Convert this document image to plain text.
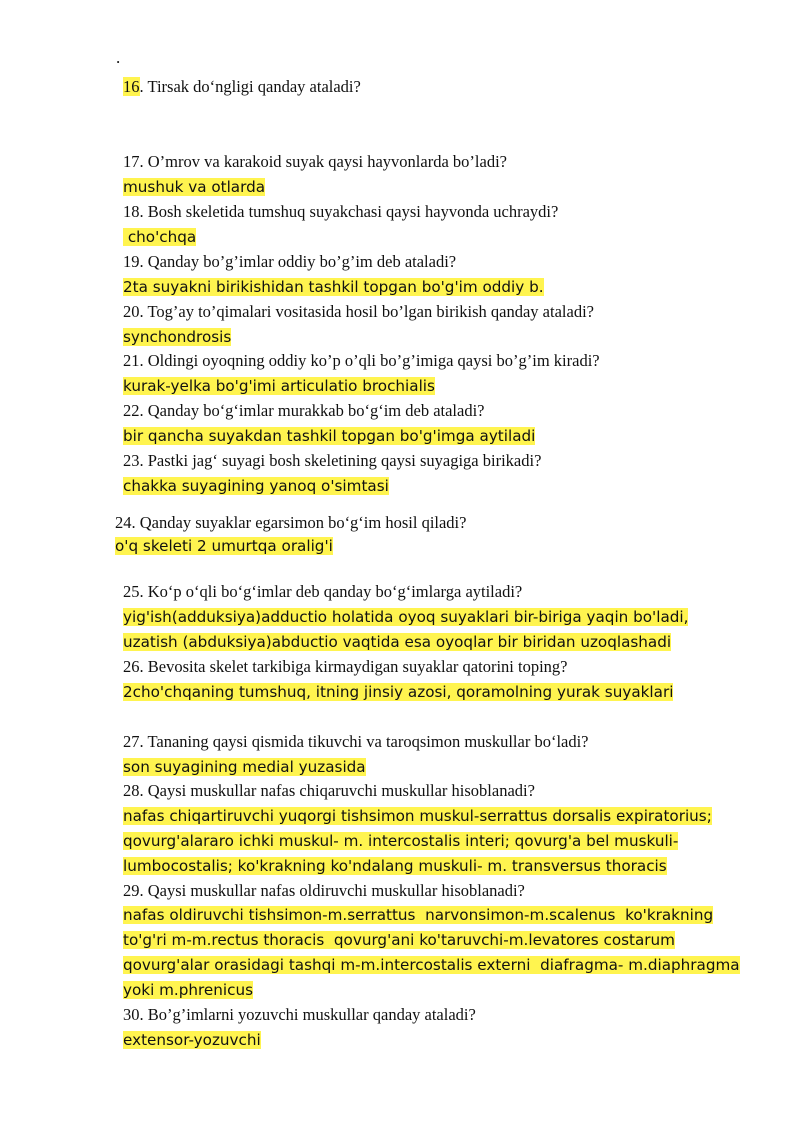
.
16. Tirsak do‘ngligi qanday ataladi?
17. O’mrov va karakoid suyak qaysi hayvonlarda bo’ladi?
mushuk va otlarda
18. Bosh skeletida tumshuq suyakchasi qaysi hayvonda uchraydi?
cho'chqa
19. Qanday bo’g’imlar oddiy bo’g’im deb ataladi?
2ta suyakni birikishidan tashkil topgan bo'g'im oddiy b.
20. Tog’ay to’qimalari vositasida hosil bo’lgan birikish qanday ataladi?
synchondrosis
21. Oldingi oyoqning oddiy ko’p o’qli bo’g’imiga qaysi bo’g’im kiradi?
kurak-yelka bo'g'imi articulatio brochialis
22. Qanday bo‘g‘imlar murakkab bo‘g‘im deb ataladi?
bir qancha suyakdan tashkil topgan bo'g'imga aytiladi
23. Pastki jag‘ suyagi bosh skeletining qaysi suyagiga birikadi?
chakka suyagining yanoq o'simtasi
24. Qanday suyaklar egarsimon bo‘g‘im hosil qiladi?
o'q skeleti 2 umurtqa oralig'i
25. Ko‘p o‘qli bo‘g‘imlar deb qanday bo‘g‘imlarga aytiladi?
yig'ish(adduksiya)adductio holatida oyoq suyaklari bir-biriga yaqin bo'ladi,
uzatish (abduksiya)abductio vaqtida esa oyoqlar bir biridan uzoqlashadi
26. Bevosita skelet tarkibiga kirmaydigan suyaklar qatorini toping?
2cho'chqaning tumshuq, itning jinsiy azosi, qoramolning yurak suyaklari
27. Tananing qaysi qismida tikuvchi va taroqsimon muskullar bo‘ladi?
son suyagining medial yuzasida
28. Qaysi muskullar nafas chiqaruvchi muskullar hisoblanadi?
nafas chiqartiruvchi yuqorgi tishsimon muskul-serrattus dorsalis expiratorius;
qovurg'alararo ichki muskul- m. intercostalis interi; qovurg'a bel muskuli-
lumbocostalis; ko'krakning ko'ndalang muskuli- m. transversus thoracis
29. Qaysi muskullar nafas oldiruvchi muskullar hisoblanadi?
nafas oldiruvchi tishsimon-m.serrattus  narvonsimon-m.scalenus  ko'krakning
to'g'ri m-m.rectus thoracis  qovurg'ani ko'taruvchi-m.levatores costarum
qovurg'alar orasidagi tashqi m-m.intercostalis externi  diafragma- m.diaphragma
yoki m.phrenicus
30. Bo’g’imlarni yozuvchi muskullar qanday ataladi?
extensor-yozuvchi
